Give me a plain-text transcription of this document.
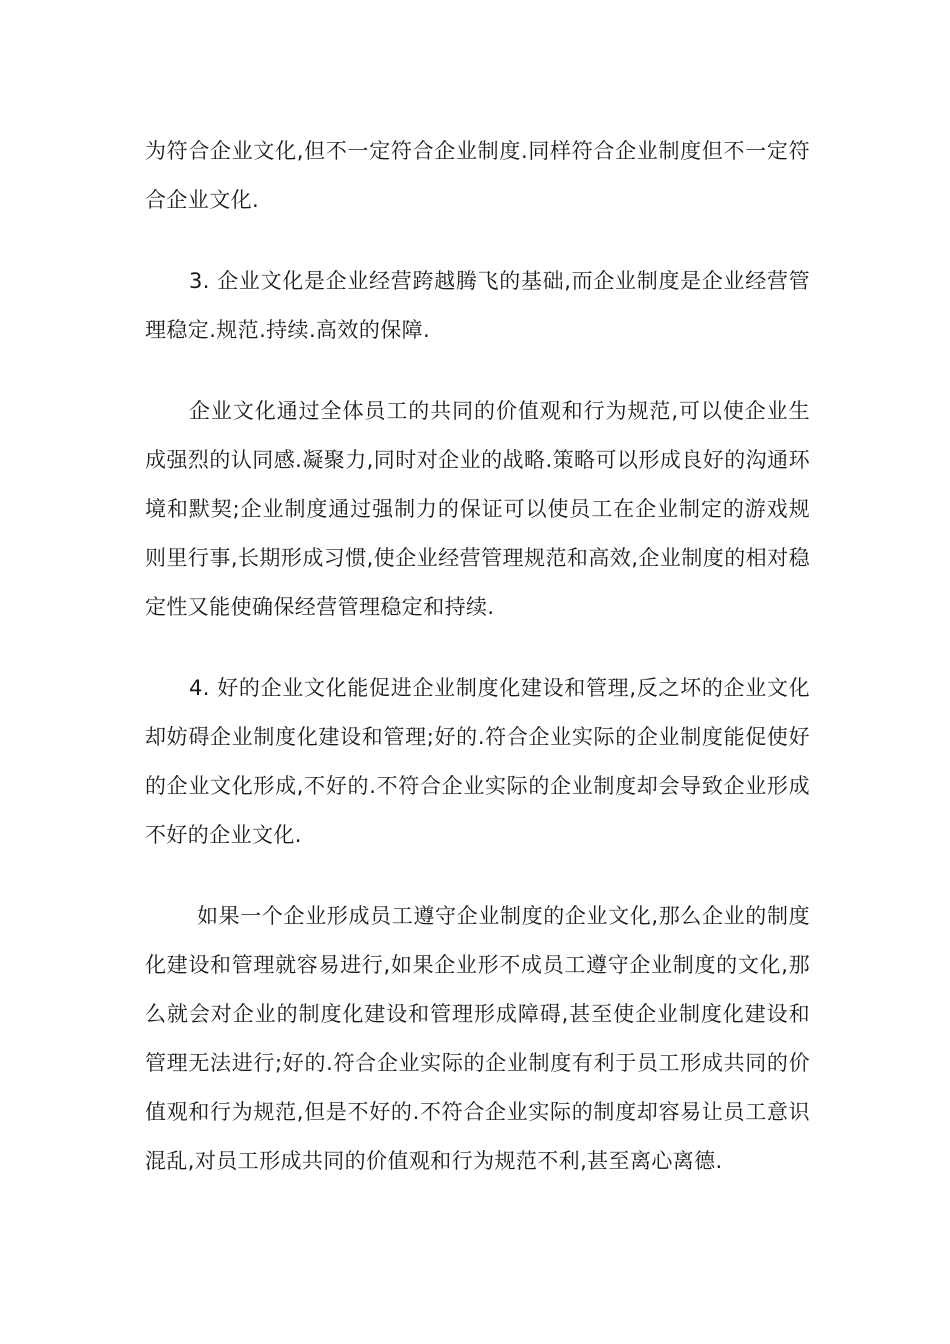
为符合企业文化,但不一定符合企业制度.同样符合企业制度但不一定符合企业文化.

3. 企业文化是企业经营跨越腾飞的基础,而企业制度是企业经营管理稳定.规范.持续.高效的保障.

企业文化通过全体员工的共同的价值观和行为规范,可以使企业生成强烈的认同感.凝聚力,同时对企业的战略.策略可以形成良好的沟通环境和默契;企业制度通过强制力的保证可以使员工在企业制定的游戏规则里行事,长期形成习惯,使企业经营管理规范和高效,企业制度的相对稳定性又能使确保经营管理稳定和持续.

4. 好的企业文化能促进企业制度化建设和管理,反之坏的企业文化却妨碍企业制度化建设和管理;好的.符合企业实际的企业制度能促使好的企业文化形成,不好的.不符合企业实际的企业制度却会导致企业形成不好的企业文化.

如果一个企业形成员工遵守企业制度的企业文化,那么企业的制度化建设和管理就容易进行,如果企业形不成员工遵守企业制度的文化,那么就会对企业的制度化建设和管理形成障碍,甚至使企业制度化建设和管理无法进行;好的.符合企业实际的企业制度有利于员工形成共同的价值观和行为规范,但是不好的.不符合企业实际的制度却容易让员工意识混乱,对员工形成共同的价值观和行为规范不利,甚至离心离德.
